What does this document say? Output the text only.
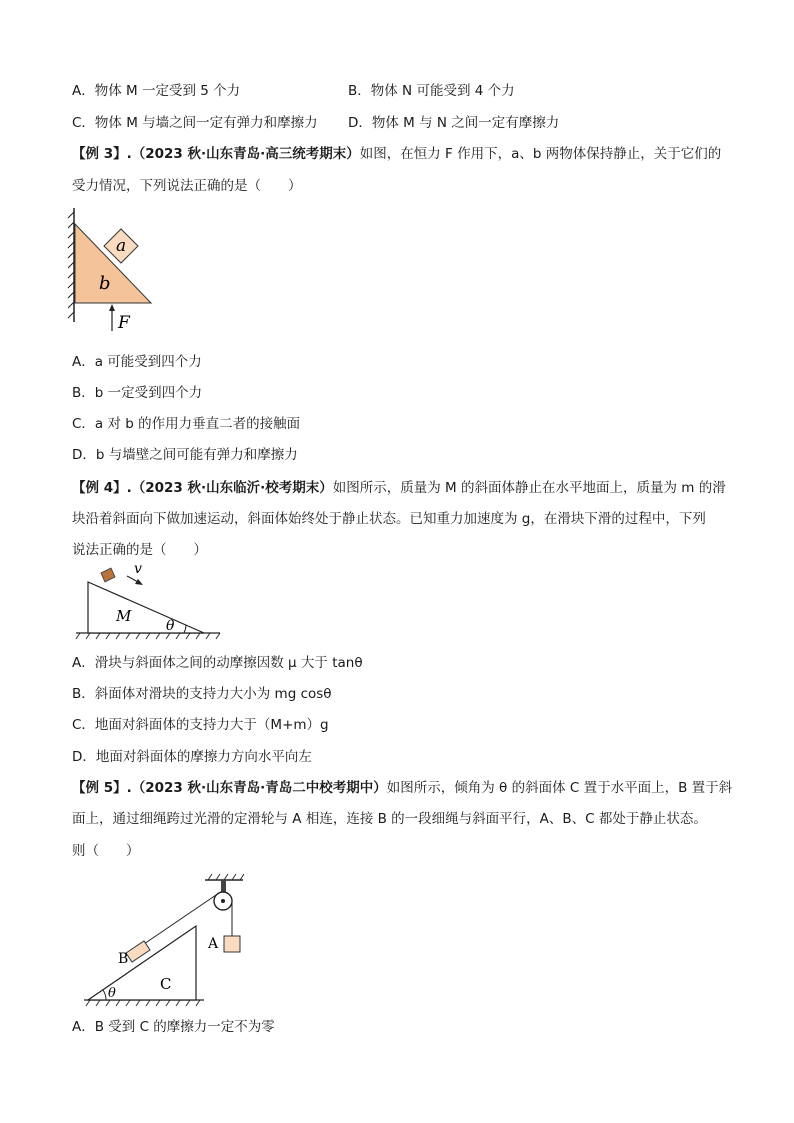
A．物体 M 一定受到 5 个力	B．物体 N 可能受到 4 个力
C．物体 M 与墙之间一定有弹力和摩擦力 D．物体 M 与 N 之间一定有摩擦力
【例 3】.（2023 秋·山东青岛·高三统考期末）如图，在恒力 F 作用下，a、b 两物体保持静止，关于它们的
受力情况，下列说法正确的是（　　）
a
b
F
A．a 可能受到四个力
B．b 一定受到四个力
C．a 对 b 的作用力垂直二者的接触面
D．b 与墙壁之间可能有弹力和摩擦力
【例 4】.（2023 秋·山东临沂·校考期末）如图所示，质量为 M 的斜面体静止在水平地面上，质量为 m 的滑
块沿着斜面向下做加速运动，斜面体始终处于静止状态。已知重力加速度为 g，在滑块下滑的过程中，下列
说法正确的是（　　）
v
M
θ
A．滑块与斜面体之间的动摩擦因数 μ 大于 tanθ
B．斜面体对滑块的支持力大小为 mg cosθ
C．地面对斜面体的支持力大于（M+m）g
D．地面对斜面体的摩擦力方向水平向左
【例 5】.（2023 秋·山东青岛·青岛二中校考期中）如图所示，倾角为 θ 的斜面体 C 置于水平面上，B 置于斜
面上，通过细绳跨过光滑的定滑轮与 A 相连，连接 B 的一段细绳与斜面平行，A、B、C 都处于静止状态。
则（　　）
B
A
C
θ
A．B 受到 C 的摩擦力一定不为零
